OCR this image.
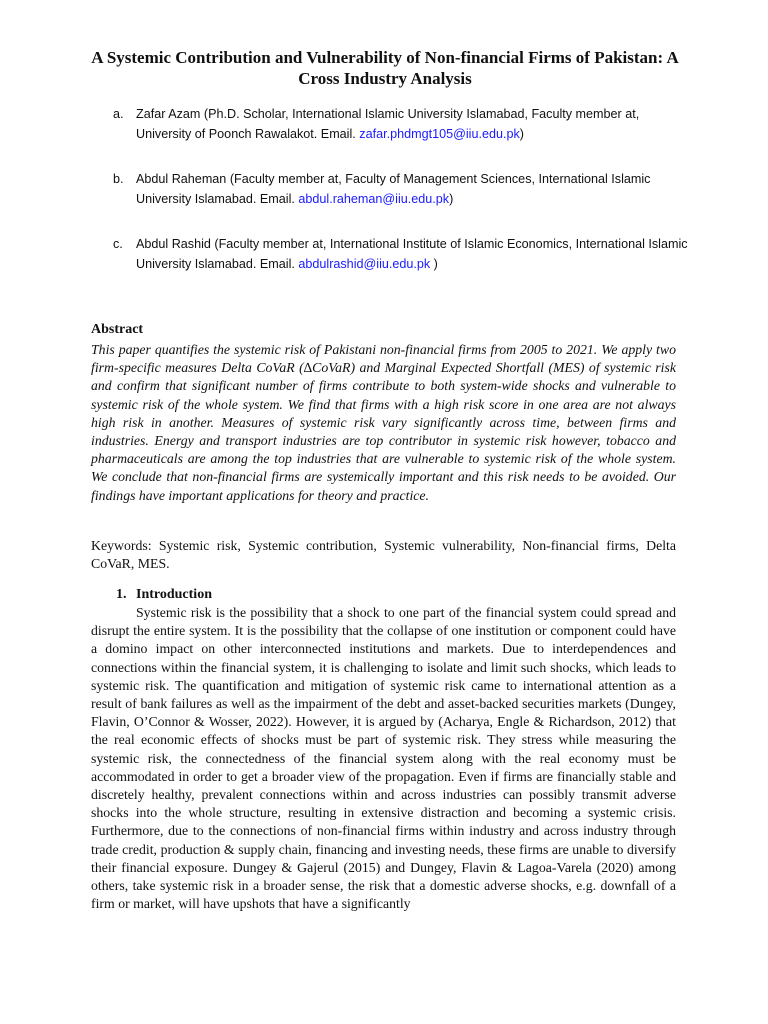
A Systemic Contribution and Vulnerability of Non-financial Firms of Pakistan: A Cross Industry Analysis
a. Zafar Azam (Ph.D. Scholar, International Islamic University Islamabad, Faculty member at, University of Poonch Rawalakot. Email. zafar.phdmgt105@iiu.edu.pk)
b. Abdul Raheman (Faculty member at, Faculty of Management Sciences, International Islamic University Islamabad. Email. abdul.raheman@iiu.edu.pk)
c. Abdul Rashid (Faculty member at, International Institute of Islamic Economics, International Islamic University Islamabad. Email. abdulrashid@iiu.edu.pk )
Abstract

This paper quantifies the systemic risk of Pakistani non-financial firms from 2005 to 2021. We apply two firm-specific measures Delta CoVaR (∆CoVaR) and Marginal Expected Shortfall (MES) of systemic risk and confirm that significant number of firms contribute to both system-wide shocks and vulnerable to systemic risk of the whole system. We find that firms with a high risk score in one area are not always high risk in another. Measures of systemic risk vary significantly across time, between firms and industries. Energy and transport industries are top contributor in systemic risk however, tobacco and pharmaceuticals are among the top industries that are vulnerable to systemic risk of the whole system. We conclude that non-financial firms are systemically important and this risk needs to be avoided. Our findings have important applications for theory and practice.

Keywords: Systemic risk, Systemic contribution, Systemic vulnerability, Non-financial firms, Delta CoVaR, MES.

1. Introduction

Systemic risk is the possibility that a shock to one part of the financial system could spread and disrupt the entire system. It is the possibility that the collapse of one institution or component could have a domino impact on other interconnected institutions and markets. Due to interdependences and connections within the financial system, it is challenging to isolate and limit such shocks, which leads to systemic risk. The quantification and mitigation of systemic risk came to international attention as a result of bank failures as well as the impairment of the debt and asset-backed securities markets (Dungey, Flavin, O’Connor & Wosser, 2022). However, it is argued by (Acharya, Engle & Richardson, 2012) that the real economic effects of shocks must be part of systemic risk. They stress while measuring the systemic risk, the connectedness of the financial system along with the real economy must be accommodated in order to get a broader view of the propagation. Even if firms are financially stable and discretely healthy, prevalent connections within and across industries can possibly transmit adverse shocks into the whole structure, resulting in extensive distraction and becoming a systemic crisis. Furthermore, due to the connections of non-financial firms within industry and across industry through trade credit, production & supply chain, financing and investing needs, these firms are unable to diversify their financial exposure. Dungey & Gajerul (2015) and Dungey, Flavin & Lagoa-Varela (2020) among others, take systemic risk in a broader sense, the risk that a domestic adverse shocks, e.g. downfall of a firm or market, will have upshots that have a significantly
